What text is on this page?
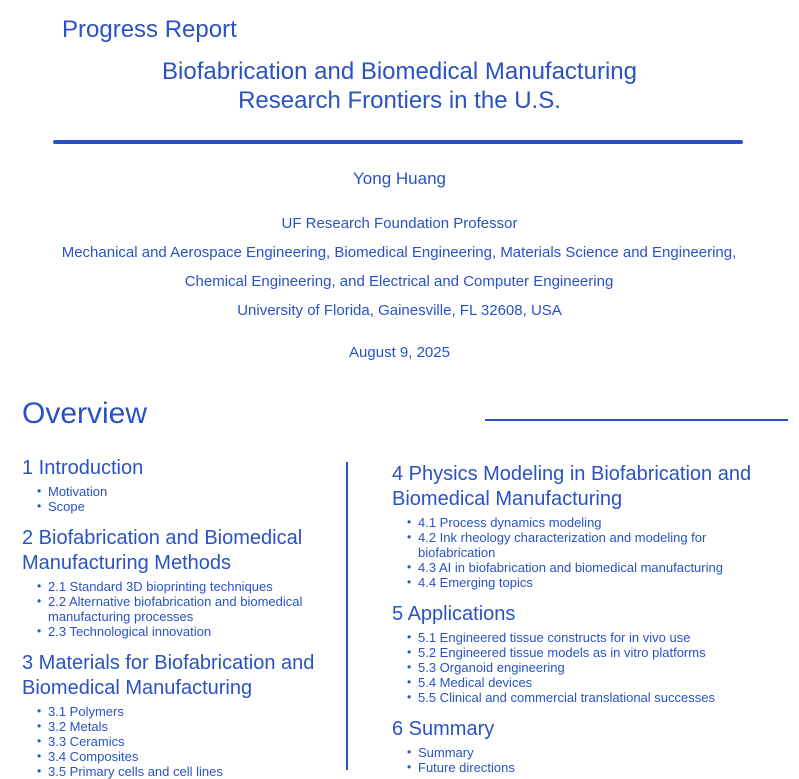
Progress Report
Biofabrication and Biomedical Manufacturing
Research Frontiers in the U.S.
Yong Huang
UF Research Foundation Professor
Mechanical and Aerospace Engineering, Biomedical Engineering, Materials Science and Engineering, Chemical Engineering, and Electrical and Computer Engineering
University of Florida, Gainesville, FL 32608, USA
August 9, 2025
Overview
1 Introduction
• Motivation
• Scope
2 Biofabrication and Biomedical Manufacturing Methods
• 2.1 Standard 3D bioprinting techniques
• 2.2 Alternative biofabrication and biomedical manufacturing processes
• 2.3 Technological innovation
3 Materials for Biofabrication and Biomedical Manufacturing
• 3.1 Polymers
• 3.2 Metals
• 3.3 Ceramics
• 3.4 Composites
• 3.5 Primary cells and cell lines
4 Physics Modeling in Biofabrication and Biomedical Manufacturing
• 4.1 Process dynamics modeling
• 4.2 Ink rheology characterization and modeling for biofabrication
• 4.3 AI in biofabrication and biomedical manufacturing
• 4.4 Emerging topics
5 Applications
• 5.1 Engineered tissue constructs for in vivo use
• 5.2 Engineered tissue models as in vitro platforms
• 5.3 Organoid engineering
• 5.4 Medical devices
• 5.5 Clinical and commercial translational successes
6 Summary
• Summary
• Future directions
